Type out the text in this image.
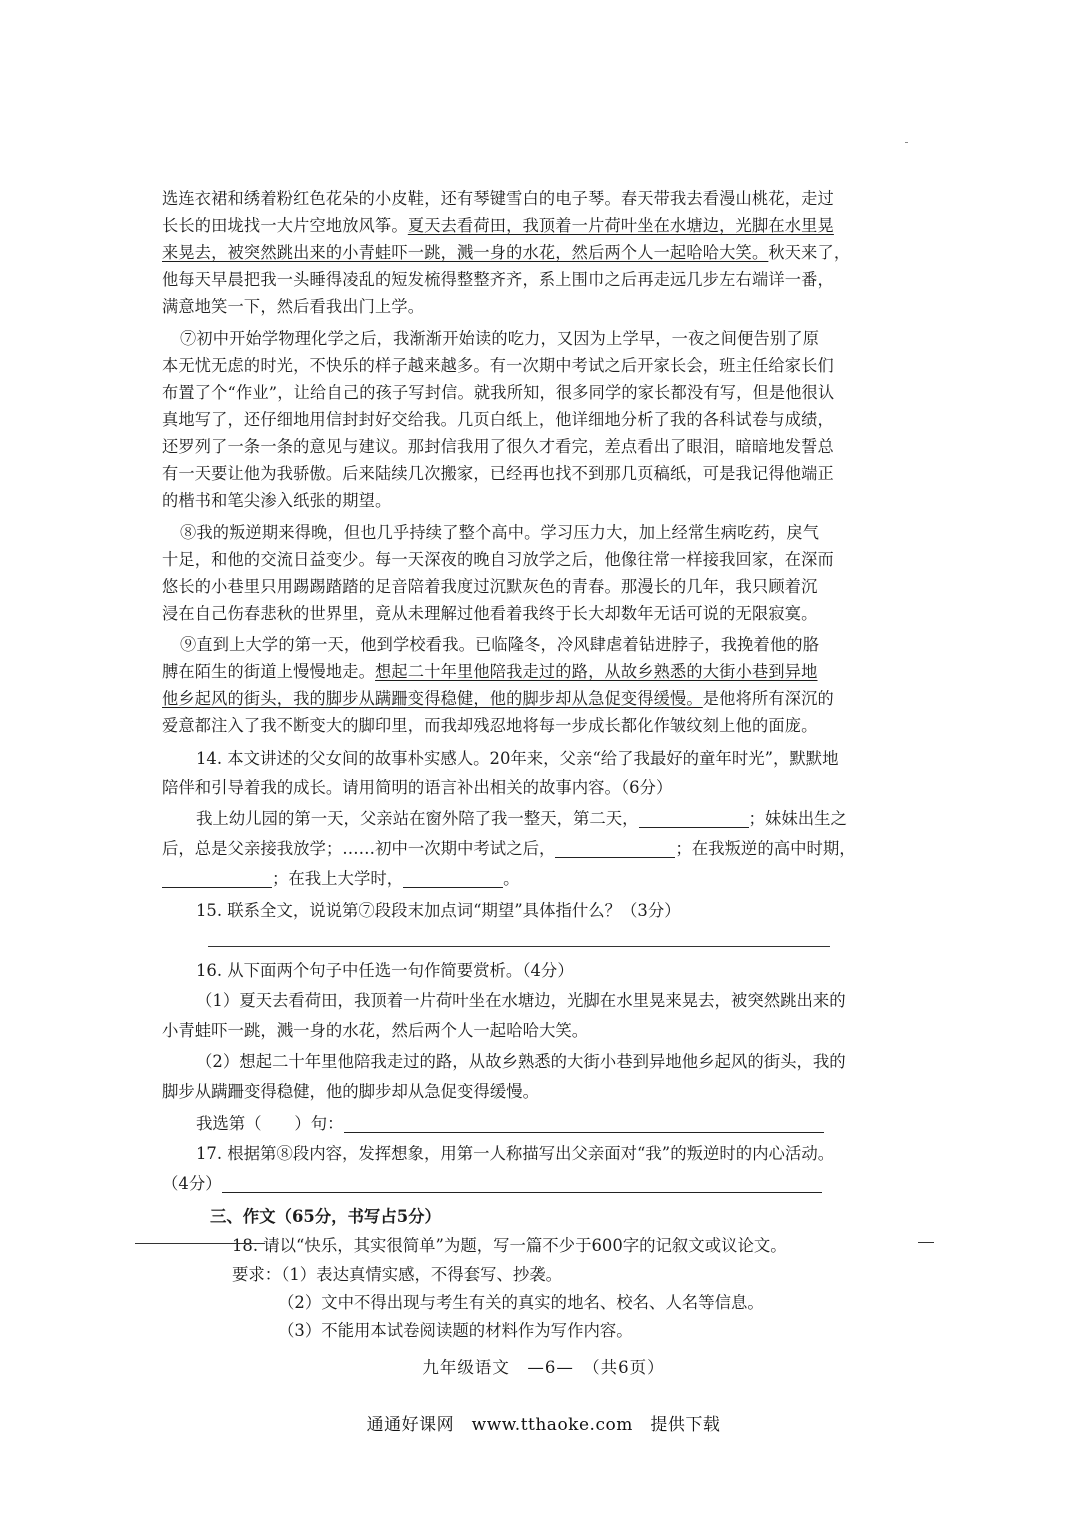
选连衣裙和绣着粉红色花朵的小皮鞋，还有琴键雪白的电子琴。春天带我去看漫山桃花，走过
长长的田垅找一大片空地放风筝。夏天去看荷田，我顶着一片荷叶坐在水塘边，光脚在水里晃
来晃去，被突然跳出来的小青蛙吓一跳，溅一身的水花，然后两个人一起哈哈大笑。秋天来了，
他每天早晨把我一头睡得凌乱的短发梳得整整齐齐，系上围巾之后再走远几步左右端详一番，
满意地笑一下，然后看我出门上学。
⑦初中开始学物理化学之后，我渐渐开始读的吃力，又因为上学早，一夜之间便告别了原
本无忧无虑的时光，不快乐的样子越来越多。有一次期中考试之后开家长会，班主任给家长们
布置了个“作业”，让给自己的孩子写封信。就我所知，很多同学的家长都没有写，但是他很认
真地写了，还仔细地用信封封好交给我。几页白纸上，他详细地分析了我的各科试卷与成绩，
还罗列了一条一条的意见与建议。那封信我用了很久才看完，差点看出了眼泪，暗暗地发誓总
有一天要让他为我骄傲。后来陆续几次搬家，已经再也找不到那几页稿纸，可是我记得他端正
的楷书和笔尖渗入纸张的期望。
⑧我的叛逆期来得晚，但也几乎持续了整个高中。学习压力大，加上经常生病吃药，戾气
十足，和他的交流日益变少。每一天深夜的晚自习放学之后，他像往常一样接我回家，在深而
悠长的小巷里只用踢踢踏踏的足音陪着我度过沉默灰色的青春。那漫长的几年，我只顾着沉
浸在自己伤春悲秋的世界里，竟从未理解过他看着我终于长大却数年无话可说的无限寂寞。
⑨直到上大学的第一天，他到学校看我。已临隆冬，冷风肆虐着钻进脖子，我挽着他的胳
膊在陌生的街道上慢慢地走。想起二十年里他陪我走过的路，从故乡熟悉的大街小巷到异地
他乡起风的街头，我的脚步从蹒跚变得稳健，他的脚步却从急促变得缓慢。是他将所有深沉的
爱意都注入了我不断变大的脚印里，而我却残忍地将每一步成长都化作皱纹刻上他的面庞。
14. 本文讲述的父女间的故事朴实感人。20年来，父亲“给了我最好的童年时光”，默默地
陪伴和引导着我的成长。请用简明的语言补出相关的故事内容。（6分）
我上幼儿园的第一天，父亲站在窗外陪了我一整天，第二天，	；妹妹出生之
后，总是父亲接我放学；……初中一次期中考试之后，	；在我叛逆的高中时期，
；在我上大学时，	。
15. 联系全文，说说第⑦段段末加点词“期望”具体指什么？（3分）
16. 从下面两个句子中任选一句作简要赏析。（4分）
（1）夏天去看荷田，我顶着一片荷叶坐在水塘边，光脚在水里晃来晃去，被突然跳出来的
小青蛙吓一跳，溅一身的水花，然后两个人一起哈哈大笑。
（2）想起二十年里他陪我走过的路，从故乡熟悉的大街小巷到异地他乡起风的街头，我的
脚步从蹒跚变得稳健，他的脚步却从急促变得缓慢。
我选第（　　）句：
17. 根据第⑧段内容，发挥想象，用第一人称描写出父亲面对“我”的叛逆时的内心活动。
（4分）
三、作文（65分，书写占5分）
18. 请以“快乐，其实很简单”为题，写一篇不少于600字的记叙文或议论文。
要求：（1）表达真情实感，不得套写、抄袭。
（2）文中不得出现与考生有关的真实的地名、校名、人名等信息。
（3）不能用本试卷阅读题的材料作为写作内容。
九年级语文　—6—　（共6页）
通通好课网　www.tthaoke.com　提供下载
